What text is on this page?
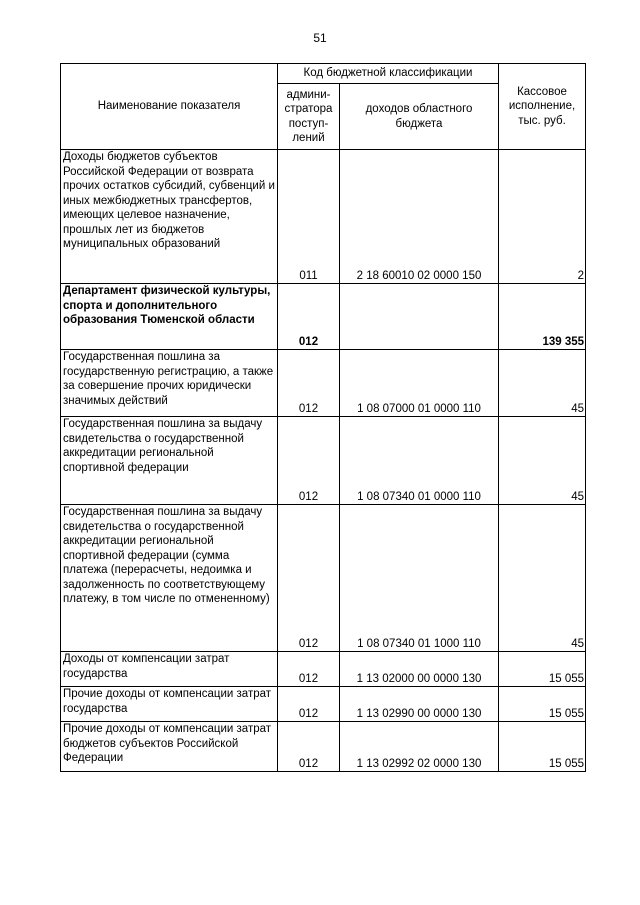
51
Наименование показателя	Код бюджетной классификации		Кассовое исполнение, тыс. руб.
	админи-стратора поступ-лений	доходов областного бюджета	
Доходы бюджетов субъектов Российской Федерации от возврата прочих остатков субсидий, субвенций и иных межбюджетных трансфертов, имеющих целевое назначение, прошлых лет из бюджетов муниципальных образований	011	2 18 60010 02 0000 150	2
Департамент физической культуры, спорта и дополнительного образования Тюменской области	012		139 355
Государственная пошлина за государственную регистрацию, а также за совершение прочих юридически значимых действий	012	1 08 07000 01 0000 110	45
Государственная пошлина за выдачу свидетельства о государственной аккредитации региональной спортивной федерации	012	1 08 07340 01 0000 110	45
Государственная пошлина за выдачу свидетельства о государственной аккредитации региональной спортивной федерации (сумма платежа (перерасчеты, недоимка и задолженность по соответствующему платежу, в том числе по отмененному)	012	1 08 07340 01 1000 110	45
Доходы от компенсации затрат государства	012	1 13 02000 00 0000 130	15 055
Прочие доходы от компенсации затрат государства	012	1 13 02990 00 0000 130	15 055
Прочие доходы от компенсации затрат бюджетов субъектов Российской Федерации	012	1 13 02992 02 0000 130	15 055
